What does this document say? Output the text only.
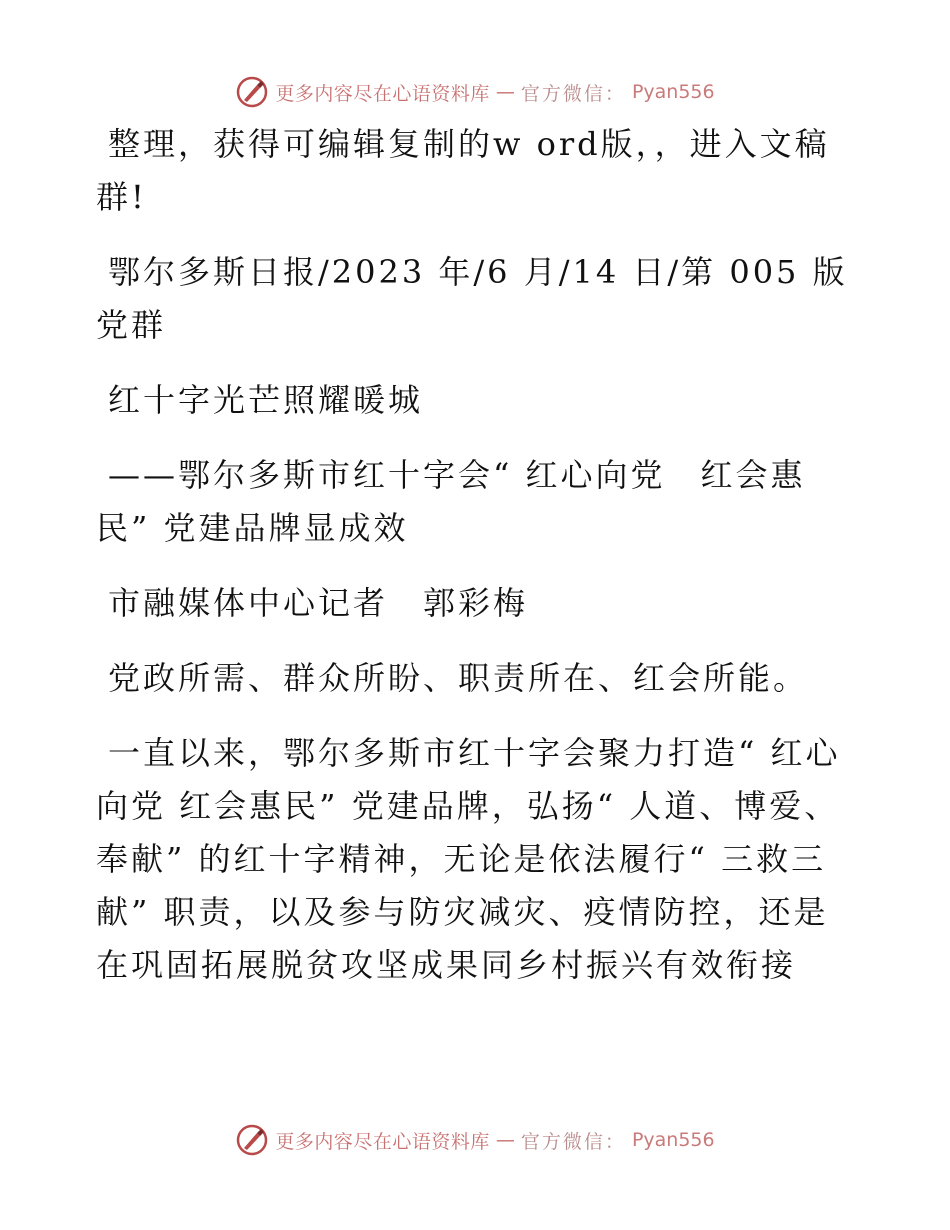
更多内容尽在心语资料库 — 官方微信： Pyan556

整理，获得可编辑复制的w ord版，，进入文稿群!

鄂尔多斯日报/2023 年/6 月/14 日/第 005 版党群

红十字光芒照耀暖城

——鄂尔多斯市红十字会“ 红心向党　红会惠民” 党建品牌显成效

市融媒体中心记者　郭彩梅

党政所需、群众所盼、职责所在、红会所能。

一直以来，鄂尔多斯市红十字会聚力打造“ 红心向党 红会惠民” 党建品牌，弘扬“ 人道、博爱、奉献” 的红十字精神，无论是依法履行“ 三救三献” 职责，以及参与防灾减灾、疫情防控，还是在巩固拓展脱贫攻坚成果同乡村振兴有效衔接

更多内容尽在心语资料库 — 官方微信： Pyan556
